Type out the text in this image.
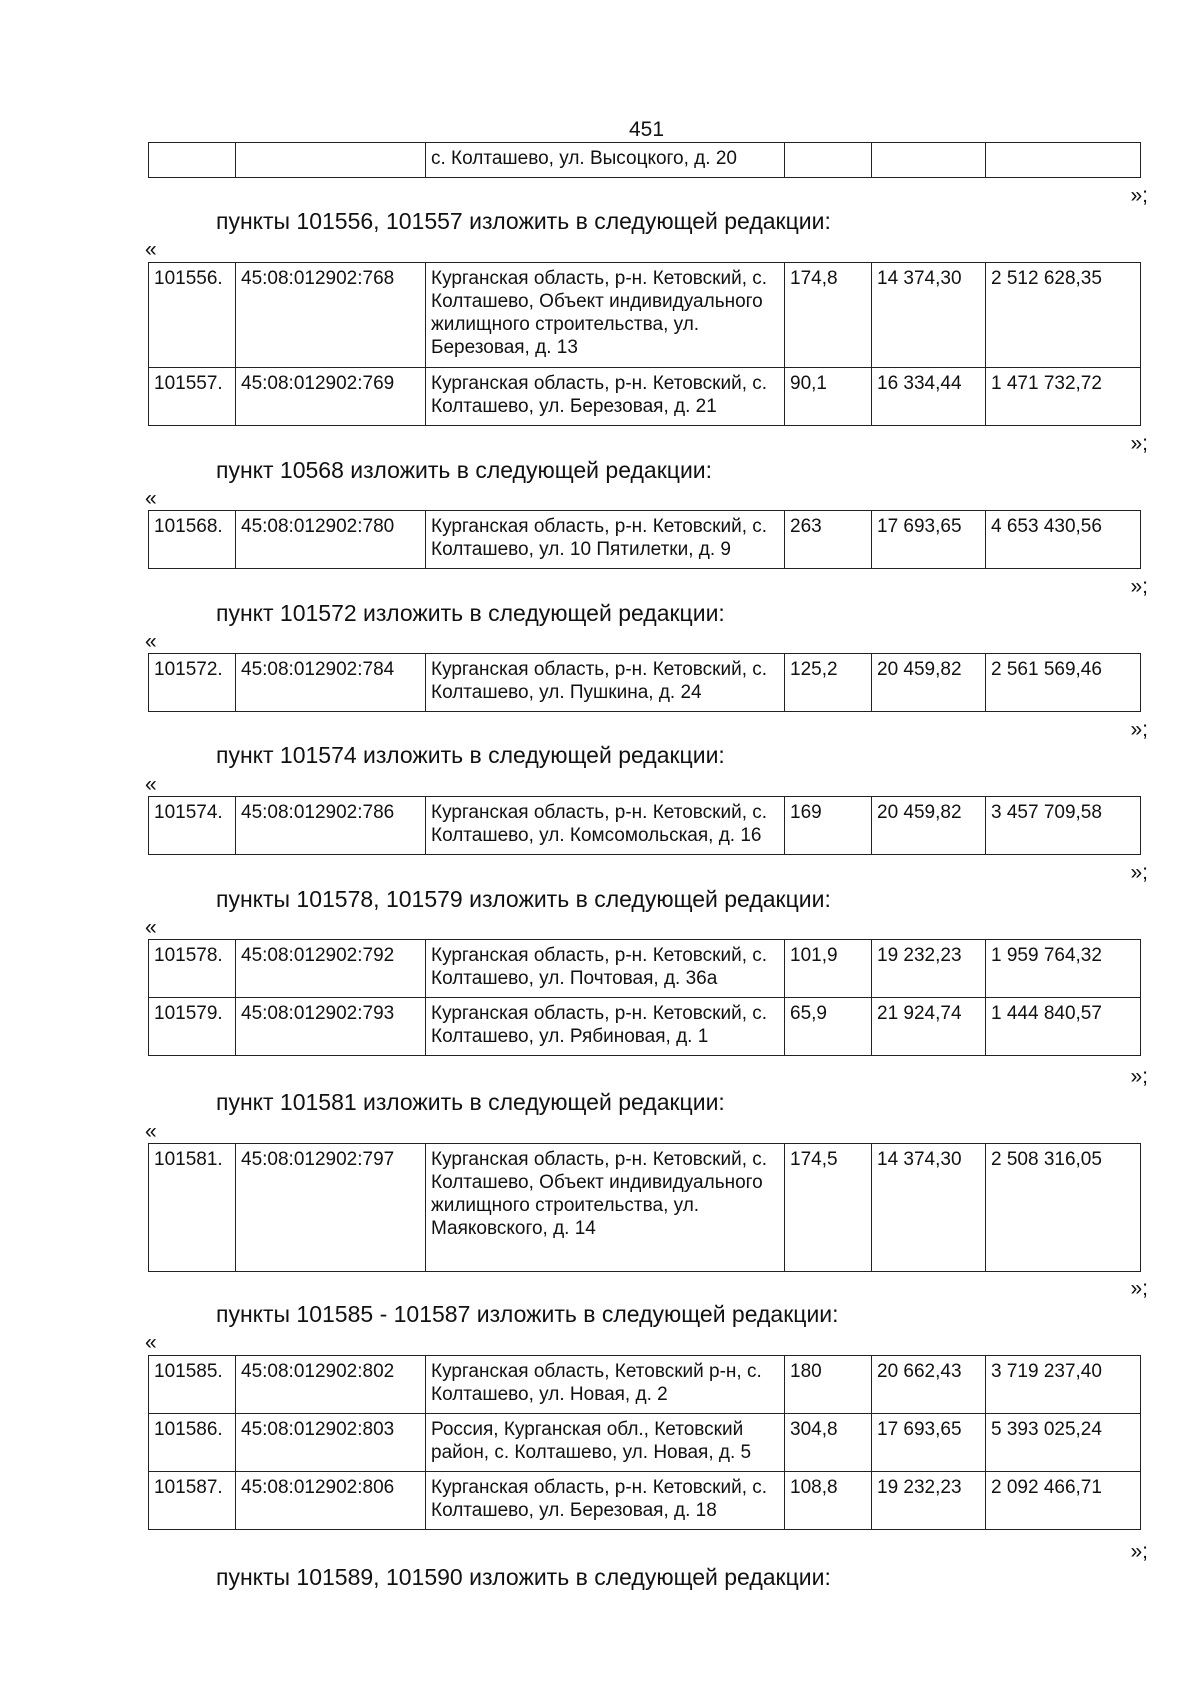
451
		с. Колташево, ул. Высоцкого, д. 20			
»;
пункты 101556, 101557 изложить в следующей редакции:
«
101556.	45:08:012902:768	Курганская область, р-н. Кетовский, с. Колташево, Объект индивидуального жилищного строительства, ул. Березовая, д. 13	174,8	14 374,30	2 512 628,35
101557.	45:08:012902:769	Курганская область, р-н. Кетовский, с. Колташево, ул. Березовая, д. 21	90,1	16 334,44	1 471 732,72
»;
пункт 10568 изложить в следующей редакции:
«
101568.	45:08:012902:780	Курганская область, р-н. Кетовский, с. Колташево, ул. 10 Пятилетки, д. 9	263	17 693,65	4 653 430,56
»;
пункт 101572 изложить в следующей редакции:
«
101572.	45:08:012902:784	Курганская область, р-н. Кетовский, с. Колташево, ул. Пушкина, д. 24	125,2	20 459,82	2 561 569,46
»;
пункт 101574 изложить в следующей редакции:
«
101574.	45:08:012902:786	Курганская область, р-н. Кетовский, с. Колташево, ул. Комсомольская, д. 16	169	20 459,82	3 457 709,58
»;
пункты 101578, 101579 изложить в следующей редакции:
«
101578.	45:08:012902:792	Курганская область, р-н. Кетовский, с. Колташево, ул. Почтовая, д. 36а	101,9	19 232,23	1 959 764,32
101579.	45:08:012902:793	Курганская область, р-н. Кетовский, с. Колташево, ул. Рябиновая, д. 1	65,9	21 924,74	1 444 840,57
»;
пункт 101581 изложить в следующей редакции:
«
101581.	45:08:012902:797	Курганская область, р-н. Кетовский, с. Колташево, Объект индивидуального жилищного строительства, ул. Маяковского, д. 14	174,5	14 374,30	2 508 316,05
»;
пункты 101585 - 101587 изложить в следующей редакции:
«
101585.	45:08:012902:802	Курганская область, Кетовский р-н, с. Колташево, ул. Новая, д. 2	180	20 662,43	3 719 237,40
101586.	45:08:012902:803	Россия, Курганская обл., Кетовский район, с. Колташево, ул. Новая, д. 5	304,8	17 693,65	5 393 025,24
101587.	45:08:012902:806	Курганская область, р-н. Кетовский, с. Колташево, ул. Березовая, д. 18	108,8	19 232,23	2 092 466,71
»;
пункты 101589, 101590 изложить в следующей редакции:
